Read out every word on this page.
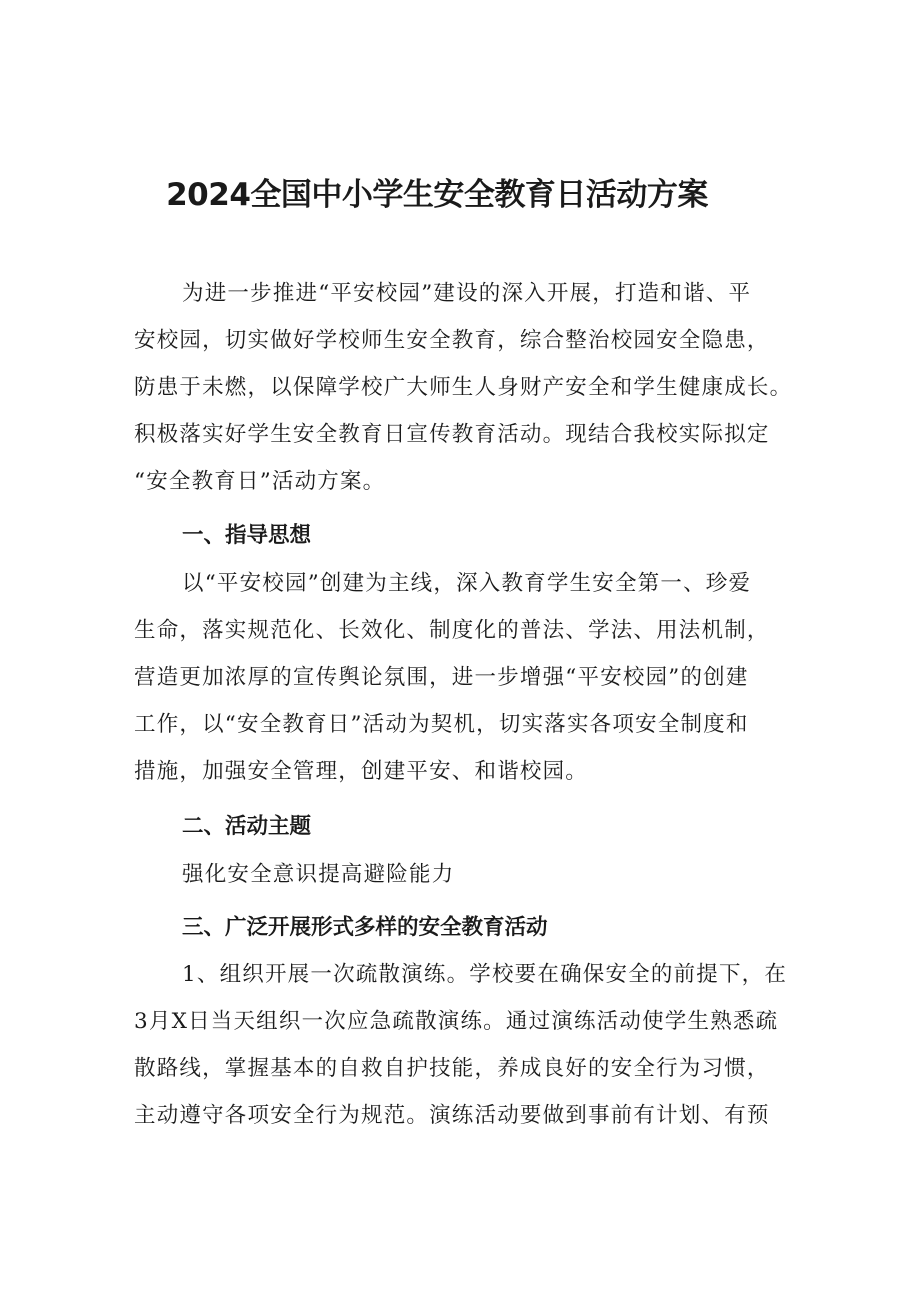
2024全国中小学生安全教育日活动方案
为进一步推进“平安校园”建设的深入开展，打造和谐、平
安校园，切实做好学校师生安全教育，综合整治校园安全隐患，
防患于未燃，以保障学校广大师生人身财产安全和学生健康成长。
积极落实好学生安全教育日宣传教育活动。现结合我校实际拟定
“安全教育日”活动方案。
一、指导思想
以“平安校园”创建为主线，深入教育学生安全第一、珍爱
生命，落实规范化、长效化、制度化的普法、学法、用法机制，
营造更加浓厚的宣传舆论氛围，进一步增强“平安校园”的创建
工作，以“安全教育日”活动为契机，切实落实各项安全制度和
措施，加强安全管理，创建平安、和谐校园。
二、活动主题
强化安全意识提高避险能力
三、广泛开展形式多样的安全教育活动
1、组织开展一次疏散演练。学校要在确保安全的前提下，在
3月X日当天组织一次应急疏散演练。通过演练活动使学生熟悉疏
散路线，掌握基本的自救自护技能，养成良好的安全行为习惯，
主动遵守各项安全行为规范。演练活动要做到事前有计划、有预
